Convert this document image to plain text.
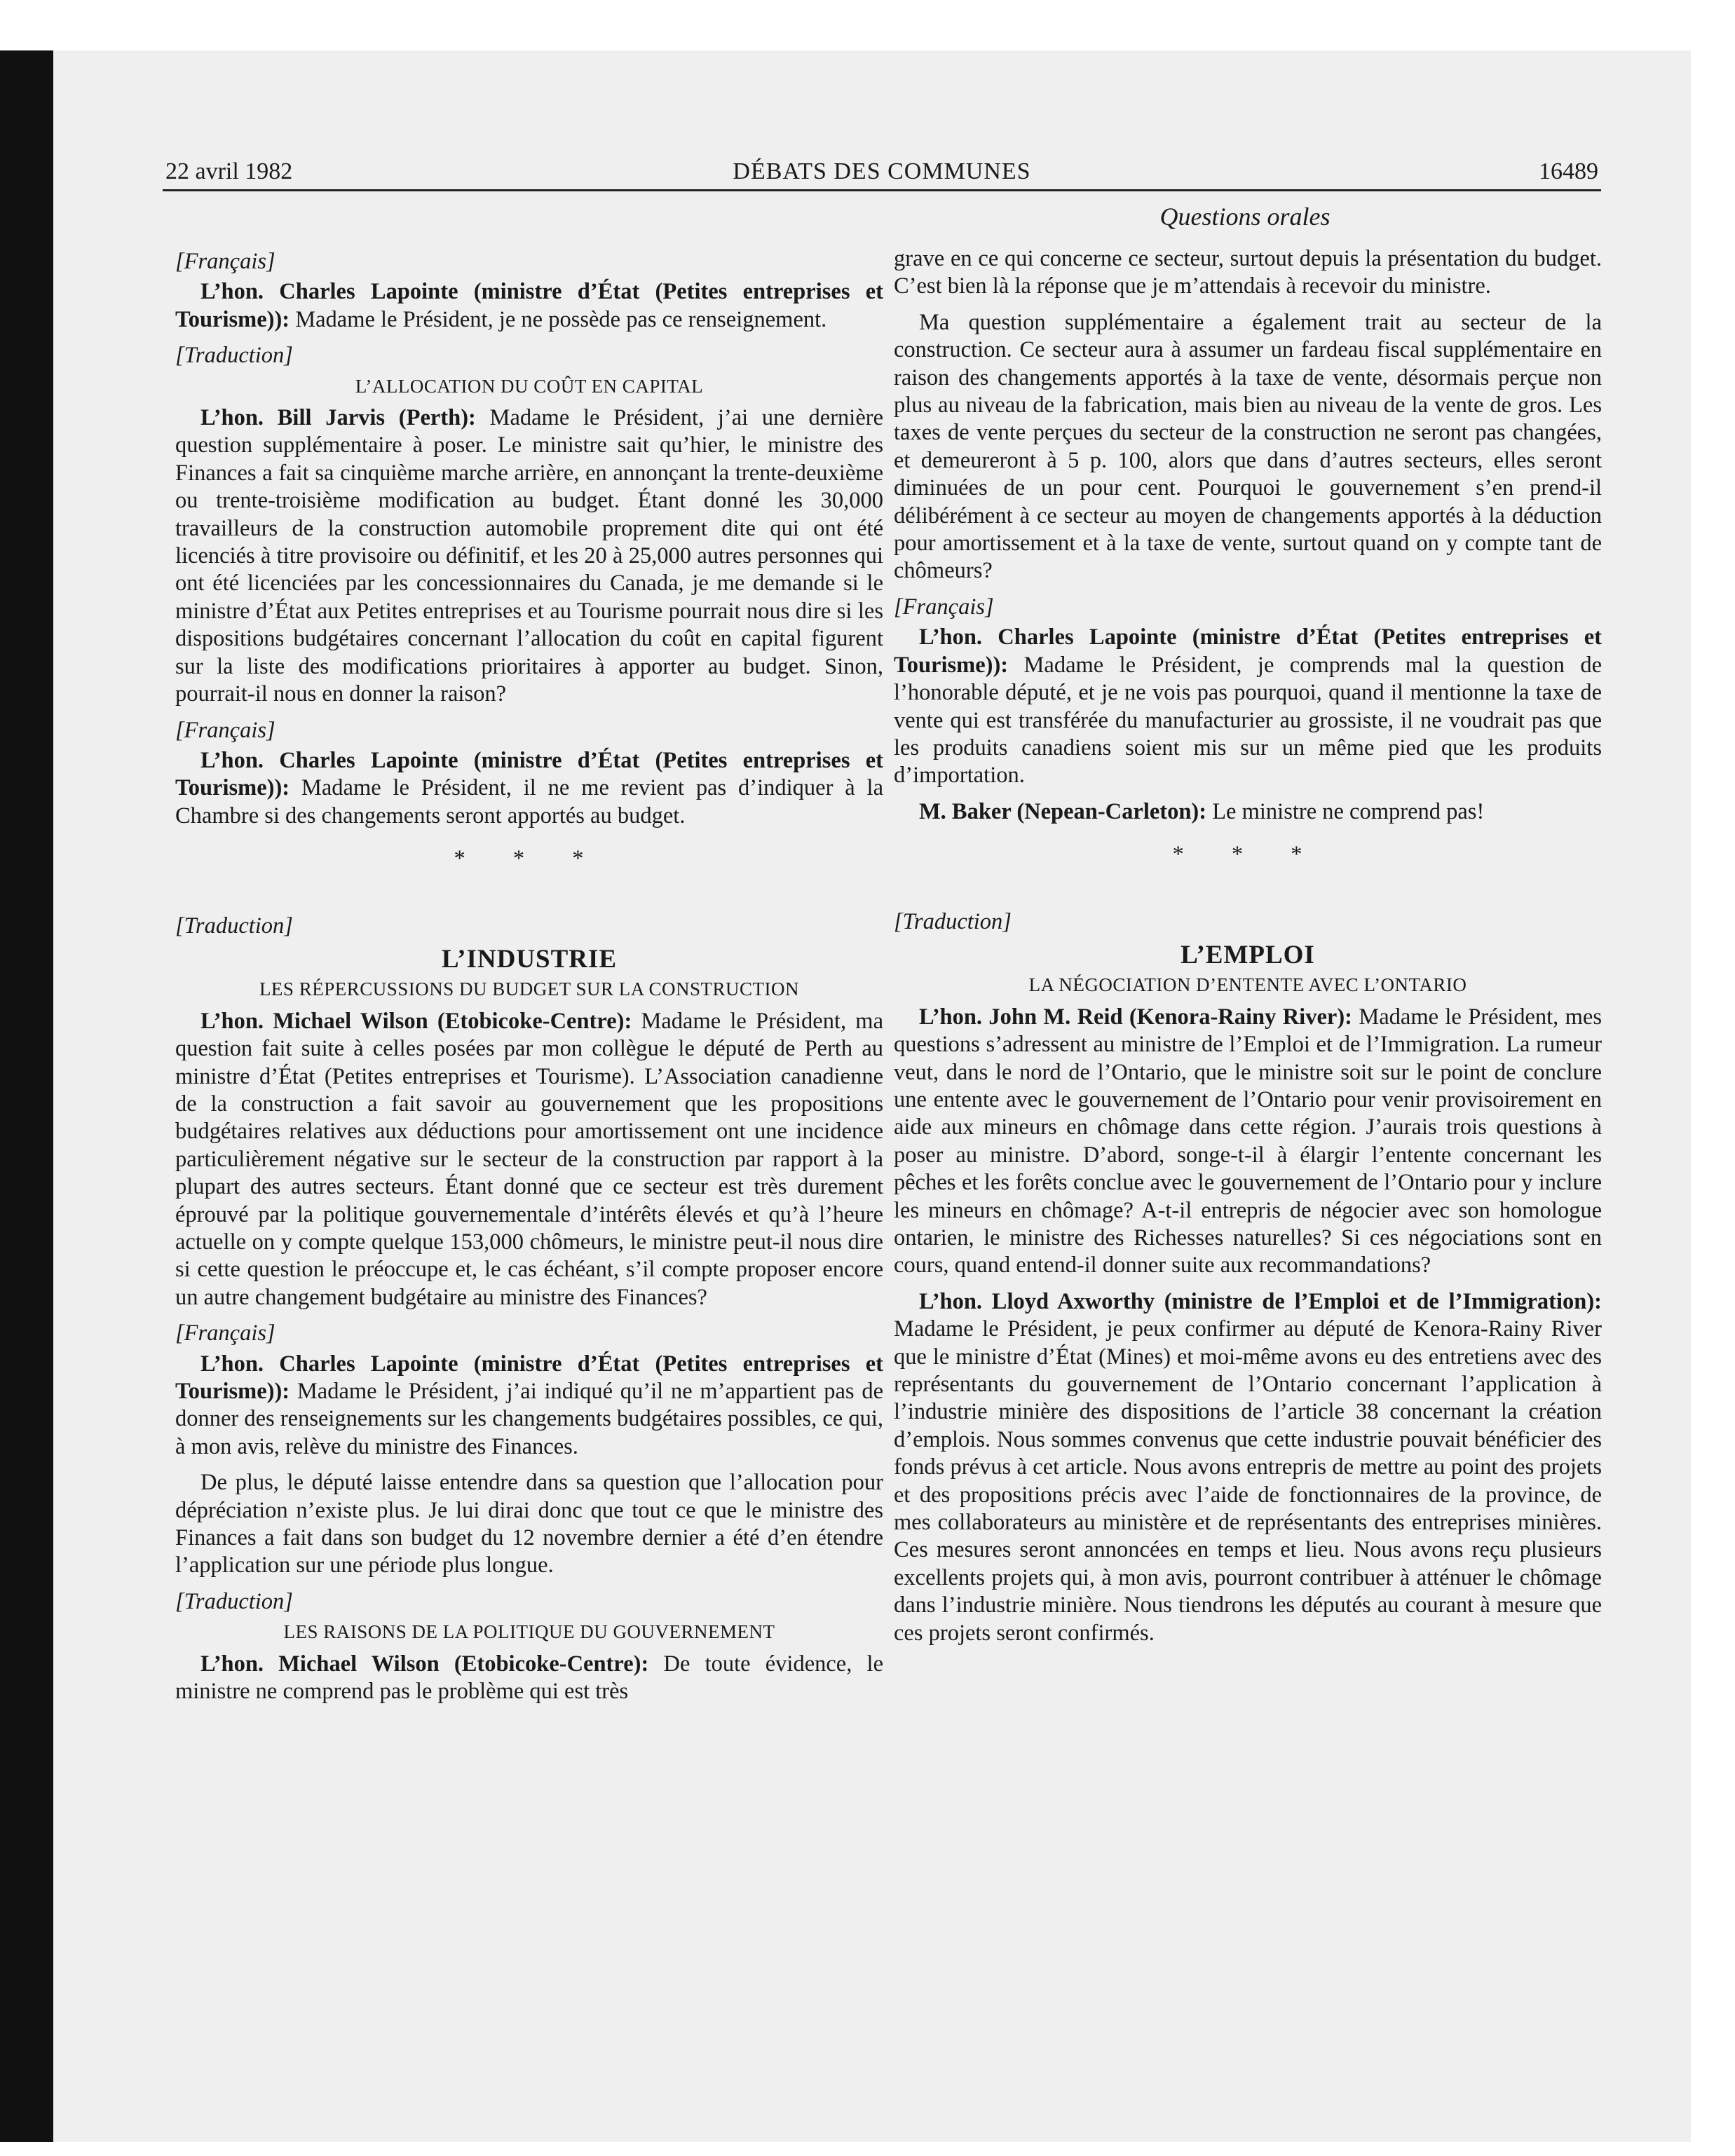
22 avril 1982	DÉBATS DES COMMUNES	16489
Questions orales
[Français]

L’hon. Charles Lapointe (ministre d’État (Petites entreprises et Tourisme)): Madame le Président, je ne possède pas ce renseignement.

[Traduction]
L’ALLOCATION DU COÛT EN CAPITAL

L’hon. Bill Jarvis (Perth): Madame le Président, j’ai une dernière question supplémentaire à poser. Le ministre sait qu’hier, le ministre des Finances a fait sa cinquième marche arrière, en annonçant la trente-deuxième ou trente-troisième modification au budget. Étant donné les 30,000 travailleurs de la construction automobile proprement dite qui ont été licenciés à titre provisoire ou définitif, et les 20 à 25,000 autres personnes qui ont été licenciées par les concessionnaires du Canada, je me demande si le ministre d’État aux Petites entreprises et au Tourisme pourrait nous dire si les dispositions budgétaires concernant l’allocation du coût en capital figurent sur la liste des modifications prioritaires à apporter au budget. Sinon, pourrait-il nous en donner la raison?

[Français]

L’hon. Charles Lapointe (ministre d’État (Petites entreprises et Tourisme)): Madame le Président, il ne me revient pas d’indiquer à la Chambre si des changements seront apportés au budget.

* * *
[Traduction]
L’INDUSTRIE
LES RÉPERCUSSIONS DU BUDGET SUR LA CONSTRUCTION

L’hon. Michael Wilson (Etobicoke-Centre): Madame le Président, ma question fait suite à celles posées par mon collègue le député de Perth au ministre d’État (Petites entreprises et Tourisme). L’Association canadienne de la construction a fait savoir au gouvernement que les propositions budgétaires relatives aux déductions pour amortissement ont une incidence particulièrement négative sur le secteur de la construction par rapport à la plupart des autres secteurs. Étant donné que ce secteur est très durement éprouvé par la politique gouvernementale d’intérêts élevés et qu’à l’heure actuelle on y compte quelque 153,000 chômeurs, le ministre peut-il nous dire si cette question le préoccupe et, le cas échéant, s’il compte proposer encore un autre changement budgétaire au ministre des Finances?

[Français]

L’hon. Charles Lapointe (ministre d’État (Petites entreprises et Tourisme)): Madame le Président, j’ai indiqué qu’il ne m’appartient pas de donner des renseignements sur les changements budgétaires possibles, ce qui, à mon avis, relève du ministre des Finances.

De plus, le député laisse entendre dans sa question que l’allocation pour dépréciation n’existe plus. Je lui dirai donc que tout ce que le ministre des Finances a fait dans son budget du 12 novembre dernier a été d’en étendre l’application sur une période plus longue.

[Traduction]
LES RAISONS DE LA POLITIQUE DU GOUVERNEMENT

L’hon. Michael Wilson (Etobicoke-Centre): De toute évidence, le ministre ne comprend pas le problème qui est très

grave en ce qui concerne ce secteur, surtout depuis la présentation du budget. C’est bien là la réponse que je m’attendais à recevoir du ministre.

Ma question supplémentaire a également trait au secteur de la construction. Ce secteur aura à assumer un fardeau fiscal supplémentaire en raison des changements apportés à la taxe de vente, désormais perçue non plus au niveau de la fabrication, mais bien au niveau de la vente de gros. Les taxes de vente perçues du secteur de la construction ne seront pas changées, et demeureront à 5 p. 100, alors que dans d’autres secteurs, elles seront diminuées de un pour cent. Pourquoi le gouvernement s’en prend-il délibérément à ce secteur au moyen de changements apportés à la déduction pour amortissement et à la taxe de vente, surtout quand on y compte tant de chômeurs?

[Français]

L’hon. Charles Lapointe (ministre d’État (Petites entreprises et Tourisme)): Madame le Président, je comprends mal la question de l’honorable député, et je ne vois pas pourquoi, quand il mentionne la taxe de vente qui est transférée du manufacturier au grossiste, il ne voudrait pas que les produits canadiens soient mis sur un même pied que les produits d’importation.

M. Baker (Nepean-Carleton): Le ministre ne comprend pas!

* * *
[Traduction]
L’EMPLOI
LA NÉGOCIATION D’ENTENTE AVEC L’ONTARIO

L’hon. John M. Reid (Kenora-Rainy River): Madame le Président, mes questions s’adressent au ministre de l’Emploi et de l’Immigration. La rumeur veut, dans le nord de l’Ontario, que le ministre soit sur le point de conclure une entente avec le gouvernement de l’Ontario pour venir provisoirement en aide aux mineurs en chômage dans cette région. J’aurais trois questions à poser au ministre. D’abord, songe-t-il à élargir l’entente concernant les pêches et les forêts conclue avec le gouvernement de l’Ontario pour y inclure les mineurs en chômage? A-t-il entrepris de négocier avec son homologue ontarien, le ministre des Richesses naturelles? Si ces négociations sont en cours, quand entend-il donner suite aux recommandations?

L’hon. Lloyd Axworthy (ministre de l’Emploi et de l’Immigration): Madame le Président, je peux confirmer au député de Kenora-Rainy River que le ministre d’État (Mines) et moi-même avons eu des entretiens avec des représentants du gouvernement de l’Ontario concernant l’application à l’industrie minière des dispositions de l’article 38 concernant la création d’emplois. Nous sommes convenus que cette industrie pouvait bénéficier des fonds prévus à cet article. Nous avons entrepris de mettre au point des projets et des propositions précis avec l’aide de fonctionnaires de la province, de mes collaborateurs au ministère et de représentants des entreprises minières. Ces mesures seront annoncées en temps et lieu. Nous avons reçu plusieurs excellents projets qui, à mon avis, pourront contribuer à atténuer le chômage dans l’industrie minière. Nous tiendrons les députés au courant à mesure que ces projets seront confirmés.
